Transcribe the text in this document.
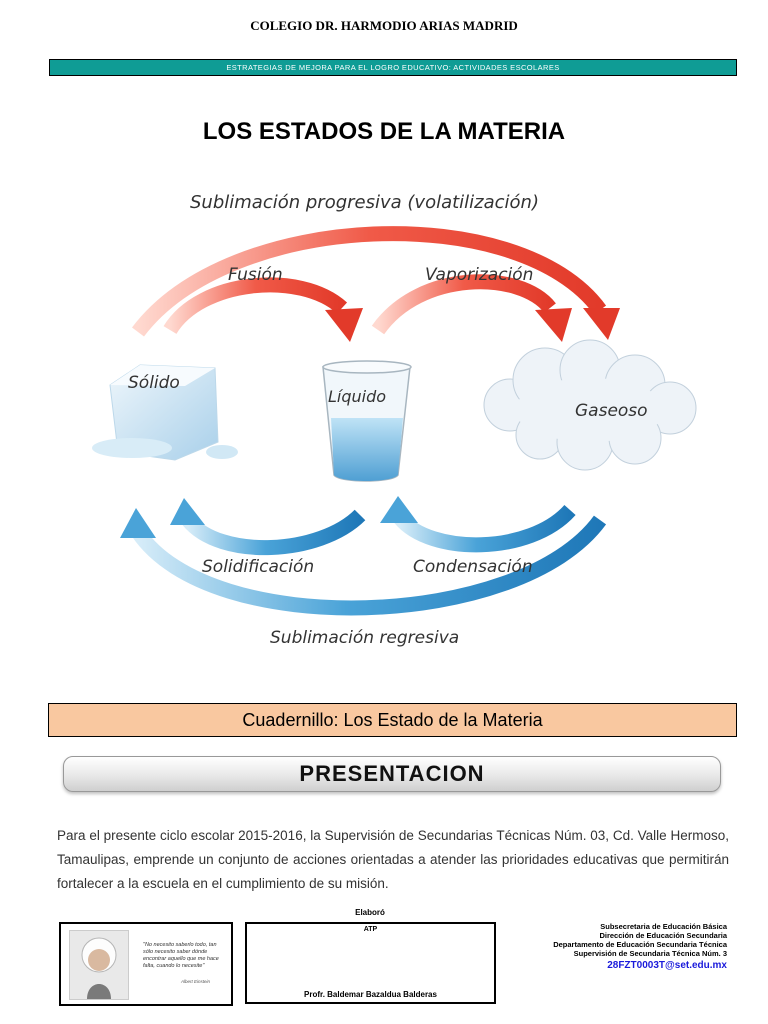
COLEGIO DR. HARMODIO ARIAS MADRID
ESTRATEGIAS DE MEJORA PARA EL LOGRO EDUCATIVO: ACTIVIDADES ESCOLARES
LOS ESTADOS DE LA MATERIA
Sublimación progresiva (volatilización)
Fusión	Vaporización
Sólido
Líquido
Gaseoso
Solidificación	Condensación
Sublimación regresiva
Cuadernillo: Los Estado de la Materia
PRESENTACION
Para el presente ciclo escolar 2015-2016, la Supervisión de Secundarias Técnicas Núm. 03, Cd. Valle Hermoso, Tamaulipas, emprende un conjunto de acciones orientadas a atender las prioridades educativas que permitirán fortalecer a la escuela en el cumplimiento de su misión.
Elaboró
"No necesito saberlo todo, tan sólo necesito saber dónde encontrar aquello que me hace falta, cuando lo necesite"
Albert Einstein
ATP
Profr. Baldemar Bazaldua Balderas
Subsecretaria de Educación Básica
Dirección de Educación Secundaria
Departamento de Educación Secundaria Técnica
Supervisión de Secundaria Técnica Núm. 3
28FZT0003T@set.edu.mx
